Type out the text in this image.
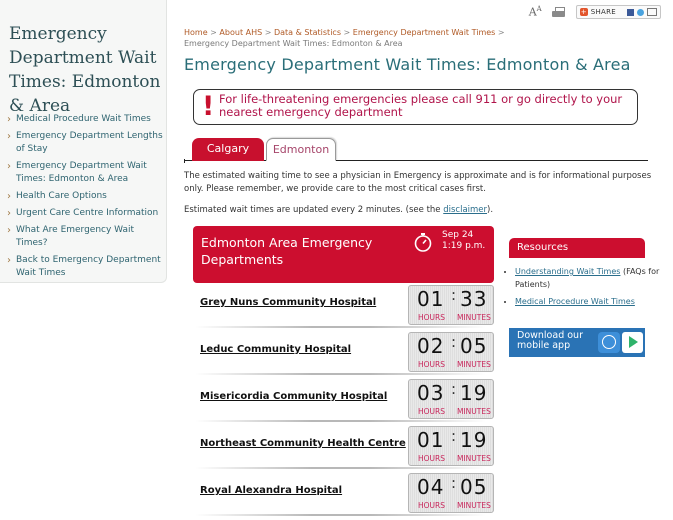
Emergency Department Wait Times: Edmonton & Area
› Medical Procedure Wait Times
› Emergency Department Lengths of Stay
› Emergency Department Wait Times: Edmonton & Area
› Health Care Options
› Urgent Care Centre Information
› What Are Emergency Wait Times?
› Back to Emergency Department Wait Times
$A^A$	+ SHARE
Home > About AHS > Data & Statistics > Emergency Department Wait Times >
Emergency Department Wait Times: Edmonton & Area
Emergency Department Wait Times: Edmonton & Area
! For life-threatening emergencies please call 911 or go directly to your nearest emergency department
Calgary	Edmonton

The estimated waiting time to see a physician in Emergency is approximate and is for informational purposes only. Please remember, we provide care to the most critical cases first.

Estimated wait times are updated every 2 minutes. (see the disclaimer).

Edmonton Area Emergency Departments
Sep 24
1:19 p.m.
Grey Nuns Community Hospital 01 : 33
HOURS MINUTES
Leduc Community Hospital	02 : 05
HOURS MINUTES
Misericordia Community Hospital 03 : 19
HOURS MINUTES
Northeast Community Health Centre 01 : 19
HOURS MINUTES
Royal Alexandra Hospital	04 : 05
HOURS MINUTES
Resources
• Understanding Wait Times (FAQs for Patients)
• Medical Procedure Wait Times
Download our mobile app
